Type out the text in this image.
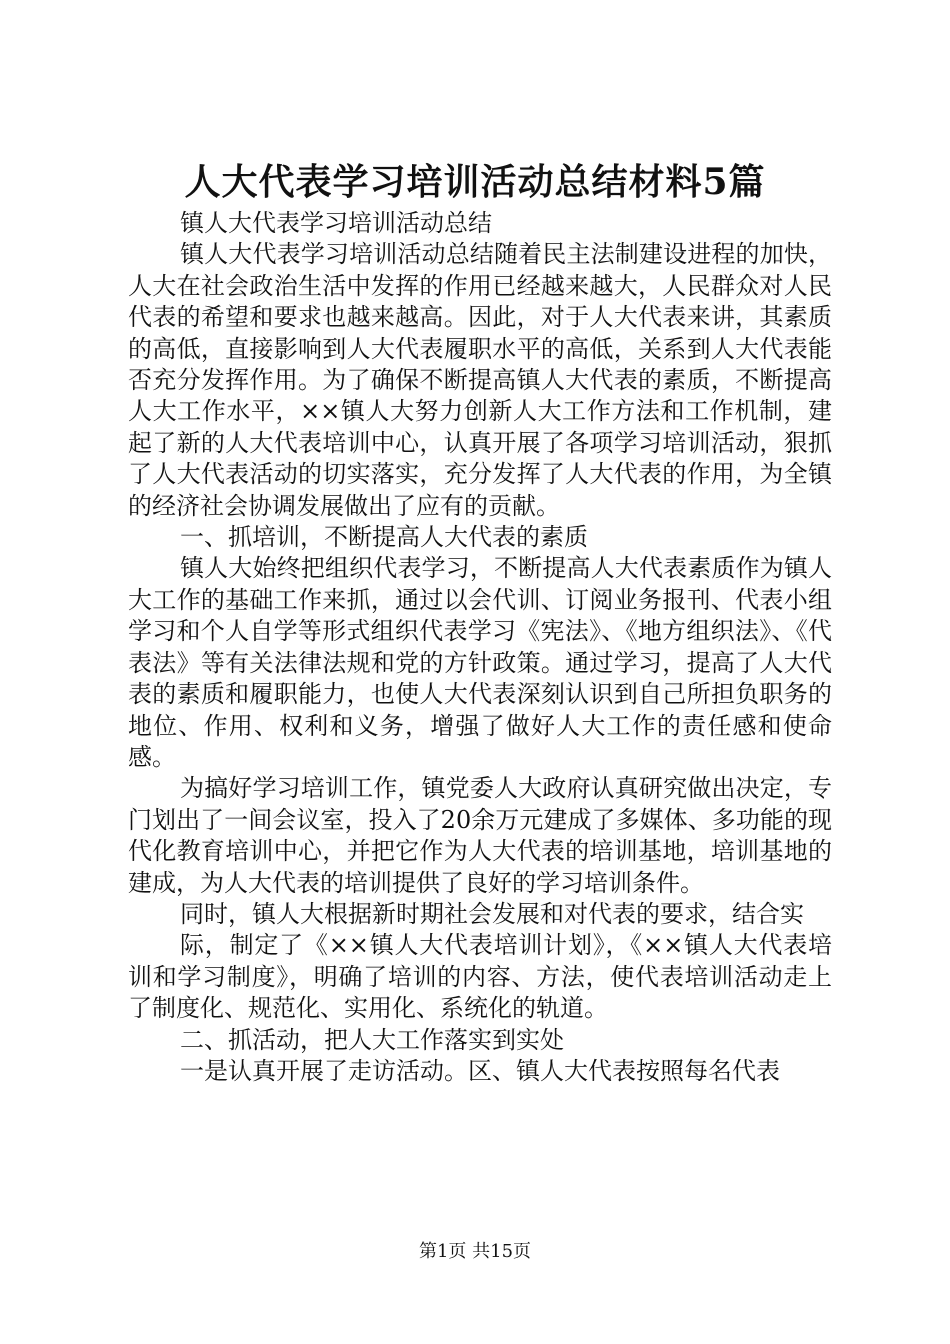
人大代表学习培训活动总结材料5篇

镇人大代表学习培训活动总结

镇人大代表学习培训活动总结随着民主法制建设进程的加快，人大在社会政治生活中发挥的作用已经越来越大，人民群众对人民代表的希望和要求也越来越高。因此，对于人大代表来讲，其素质的高低，直接影响到人大代表履职水平的高低，关系到人大代表能否充分发挥作用。为了确保不断提高镇人大代表的素质，不断提高人大工作水平，××镇人大努力创新人大工作方法和工作机制，建起了新的人大代表培训中心，认真开展了各项学习培训活动，狠抓了人大代表活动的切实落实，充分发挥了人大代表的作用，为全镇的经济社会协调发展做出了应有的贡献。

一、抓培训，不断提高人大代表的素质

镇人大始终把组织代表学习，不断提高人大代表素质作为镇人大工作的基础工作来抓，通过以会代训、订阅业务报刊、代表小组学习和个人自学等形式组织代表学习《宪法》、《地方组织法》、《代表法》等有关法律法规和党的方针政策。通过学习，提高了人大代表的素质和履职能力，也使人大代表深刻认识到自己所担负职务的地位、作用、权利和义务，增强了做好人大工作的责任感和使命感。

为搞好学习培训工作，镇党委人大政府认真研究做出决定，专门划出了一间会议室，投入了20余万元建成了多媒体、多功能的现代化教育培训中心，并把它作为人大代表的培训基地，培训基地的建成，为人大代表的培训提供了良好的学习培训条件。

同时，镇人大根据新时期社会发展和对代表的要求，结合实

际，制定了《××镇人大代表培训计划》，《××镇人大代表培训和学习制度》，明确了培训的内容、方法，使代表培训活动走上了制度化、规范化、实用化、系统化的轨道。

二、抓活动，把人大工作落实到实处

一是认真开展了走访活动。区、镇人大代表按照每名代表

第1页 共15页
